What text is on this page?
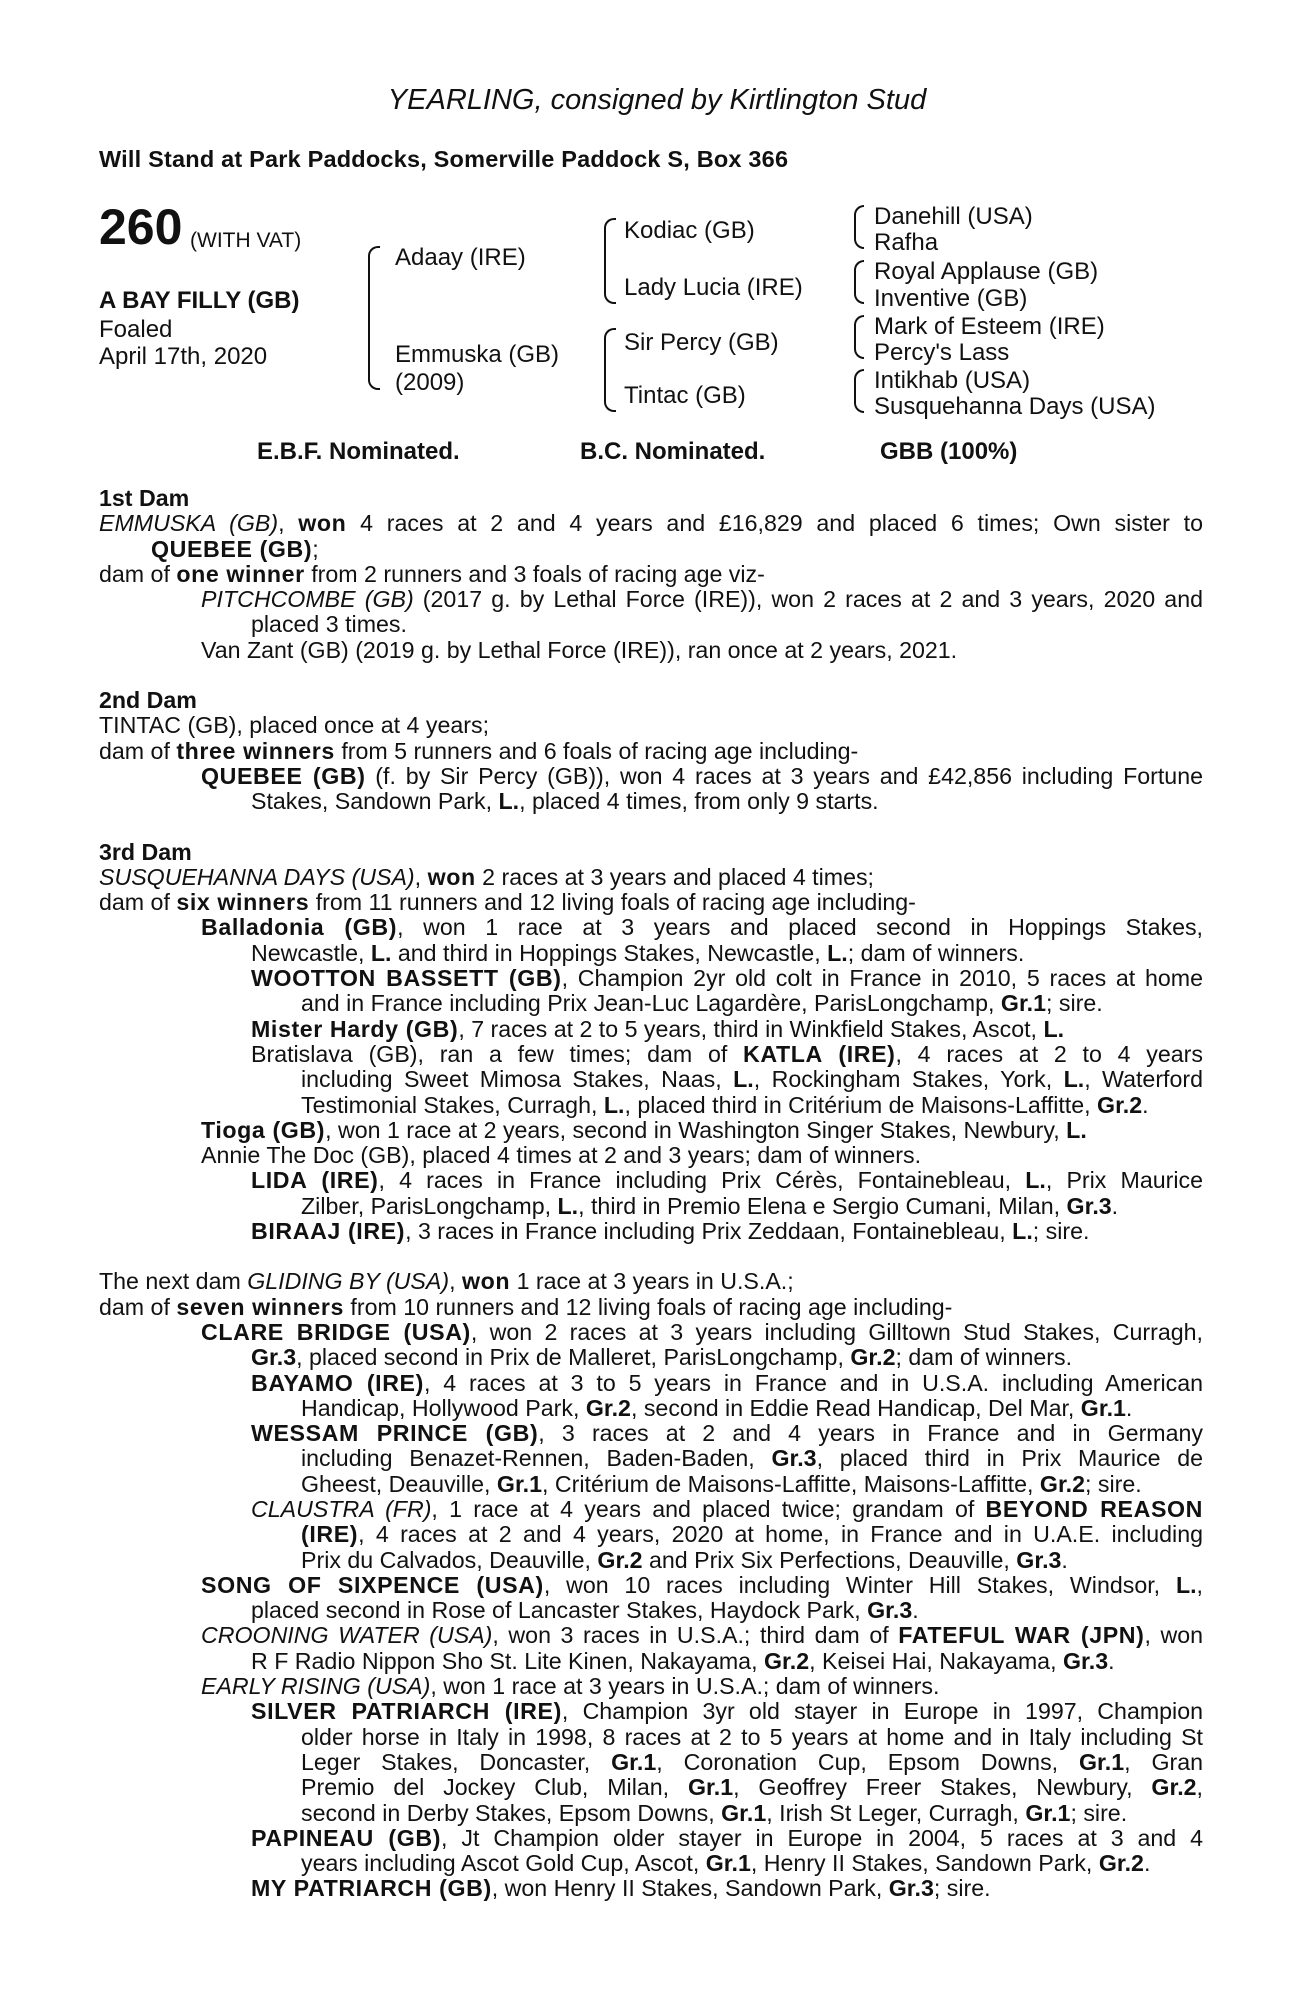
YEARLING, consigned by Kirtlington Stud
Will Stand at Park Paddocks, Somerville Paddock S, Box 366
260 (WITH VAT)
A BAY FILLY (GB)
Foaled
April 17th, 2020
Adaay (IRE)
Emmuska (GB)
(2009)
Kodiac (GB)
Lady Lucia (IRE)
Sir Percy (GB)
Tintac (GB)
Danehill (USA)
Rafha
Royal Applause (GB)
Inventive (GB)
Mark of Esteem (IRE)
Percy's Lass
Intikhab (USA)
Susquehanna Days (USA)
E.B.F. Nominated.	B.C. Nominated.	GBB (100%)
1st Dam
EMMUSKA (GB), won 4 races at 2 and 4 years and £16,829 and placed 6 times; Own sister to
QUEBEE (GB);
dam of one winner from 2 runners and 3 foals of racing age viz-
PITCHCOMBE (GB) (2017 g. by Lethal Force (IRE)), won 2 races at 2 and 3 years, 2020 and
placed 3 times.
Van Zant (GB) (2019 g. by Lethal Force (IRE)), ran once at 2 years, 2021.
2nd Dam
TINTAC (GB), placed once at 4 years;
dam of three winners from 5 runners and 6 foals of racing age including-
QUEBEE (GB) (f. by Sir Percy (GB)), won 4 races at 3 years and £42,856 including Fortune
Stakes, Sandown Park, L., placed 4 times, from only 9 starts.
3rd Dam
SUSQUEHANNA DAYS (USA), won 2 races at 3 years and placed 4 times;
dam of six winners from 11 runners and 12 living foals of racing age including-
Balladonia (GB), won 1 race at 3 years and placed second in Hoppings Stakes,
Newcastle, L. and third in Hoppings Stakes, Newcastle, L.; dam of winners.
WOOTTON BASSETT (GB), Champion 2yr old colt in France in 2010, 5 races at home
and in France including Prix Jean-Luc Lagardère, ParisLongchamp, Gr.1; sire.
Mister Hardy (GB), 7 races at 2 to 5 years, third in Winkfield Stakes, Ascot, L.
Bratislava (GB), ran a few times; dam of KATLA (IRE), 4 races at 2 to 4 years
including Sweet Mimosa Stakes, Naas, L., Rockingham Stakes, York, L., Waterford
Testimonial Stakes, Curragh, L., placed third in Critérium de Maisons-Laffitte, Gr.2.
Tioga (GB), won 1 race at 2 years, second in Washington Singer Stakes, Newbury, L.
Annie The Doc (GB), placed 4 times at 2 and 3 years; dam of winners.
LIDA (IRE), 4 races in France including Prix Cérès, Fontainebleau, L., Prix Maurice
Zilber, ParisLongchamp, L., third in Premio Elena e Sergio Cumani, Milan, Gr.3.
BIRAAJ (IRE), 3 races in France including Prix Zeddaan, Fontainebleau, L.; sire.
The next dam GLIDING BY (USA), won 1 race at 3 years in U.S.A.;
dam of seven winners from 10 runners and 12 living foals of racing age including-
CLARE BRIDGE (USA), won 2 races at 3 years including Gilltown Stud Stakes, Curragh,
Gr.3, placed second in Prix de Malleret, ParisLongchamp, Gr.2; dam of winners.
BAYAMO (IRE), 4 races at 3 to 5 years in France and in U.S.A. including American
Handicap, Hollywood Park, Gr.2, second in Eddie Read Handicap, Del Mar, Gr.1.
WESSAM PRINCE (GB), 3 races at 2 and 4 years in France and in Germany
including Benazet-Rennen, Baden-Baden, Gr.3, placed third in Prix Maurice de
Gheest, Deauville, Gr.1, Critérium de Maisons-Laffitte, Maisons-Laffitte, Gr.2; sire.
CLAUSTRA (FR), 1 race at 4 years and placed twice; grandam of BEYOND REASON
(IRE), 4 races at 2 and 4 years, 2020 at home, in France and in U.A.E. including
Prix du Calvados, Deauville, Gr.2 and Prix Six Perfections, Deauville, Gr.3.
SONG OF SIXPENCE (USA), won 10 races including Winter Hill Stakes, Windsor, L.,
placed second in Rose of Lancaster Stakes, Haydock Park, Gr.3.
CROONING WATER (USA), won 3 races in U.S.A.; third dam of FATEFUL WAR (JPN), won
R F Radio Nippon Sho St. Lite Kinen, Nakayama, Gr.2, Keisei Hai, Nakayama, Gr.3.
EARLY RISING (USA), won 1 race at 3 years in U.S.A.; dam of winners.
SILVER PATRIARCH (IRE), Champion 3yr old stayer in Europe in 1997, Champion
older horse in Italy in 1998, 8 races at 2 to 5 years at home and in Italy including St
Leger Stakes, Doncaster, Gr.1, Coronation Cup, Epsom Downs, Gr.1, Gran
Premio del Jockey Club, Milan, Gr.1, Geoffrey Freer Stakes, Newbury, Gr.2,
second in Derby Stakes, Epsom Downs, Gr.1, Irish St Leger, Curragh, Gr.1; sire.
PAPINEAU (GB), Jt Champion older stayer in Europe in 2004, 5 races at 3 and 4
years including Ascot Gold Cup, Ascot, Gr.1, Henry II Stakes, Sandown Park, Gr.2.
MY PATRIARCH (GB), won Henry II Stakes, Sandown Park, Gr.3; sire.
